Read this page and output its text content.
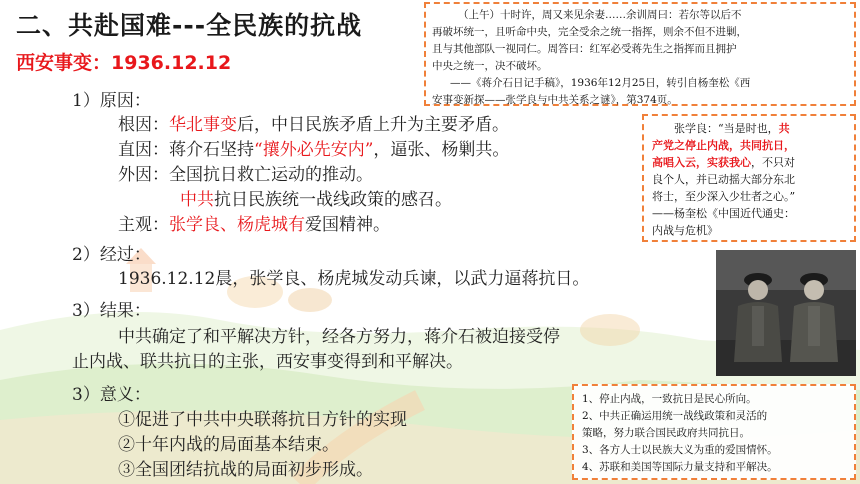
二、共赴国难---全民族的抗战
西安事变：1936.12.12
1）原因：
根因：华北事变后，中日民族矛盾上升为主要矛盾。
直因：蒋介石坚持“攘外必先安内”，逼张、杨剿共。
外因：全国抗日救亡运动的推动。
中共抗日民族统一战线政策的感召。
主观：张学良、杨虎城有爱国精神。
2）经过：
1936.12.12晨，张学良、杨虎城发动兵谏，以武力逼蒋抗日。
3）结果：
中共确定了和平解决方针，经各方努力，蒋介石被迫接受停
止内战、联共抗日的主张，西安事变得到和平解决。
3）意义：
①促进了中共中央联蒋抗日方针的实现
②十年内战的局面基本结束。
③全国团结抗战的局面初步形成。

（上午）十时许，周又来见余妻……余训周曰：若尔等以后不

再破坏统一，且听命中央，完全受余之统一指挥，则余不但不进剿，

且与其他部队一视同仁。周答曰：红军必受蒋先生之指挥而且拥护

中央之统一，决不破坏。

——《蒋介石日记手稿》，1936年12月25日，转引自杨奎松《西

安事变新探——张学良与中共关系之谜》，第374页。

张学良：“当是时也，共

产党之停止内战，共同抗日，

高唱入云，实获我心，不只对

良个人，并已动摇大部分东北

将士，至少深入少壮者之心。”

——杨奎松《中国近代通史：

内战与危机》

1、停止内战，一致抗日是民心所向。

2、中共正确运用统一战线政策和灵活的

策略，努力联合国民政府共同抗日。

3、各方人士以民族大义为重的爱国情怀。

4、苏联和美国等国际力量支持和平解决。
